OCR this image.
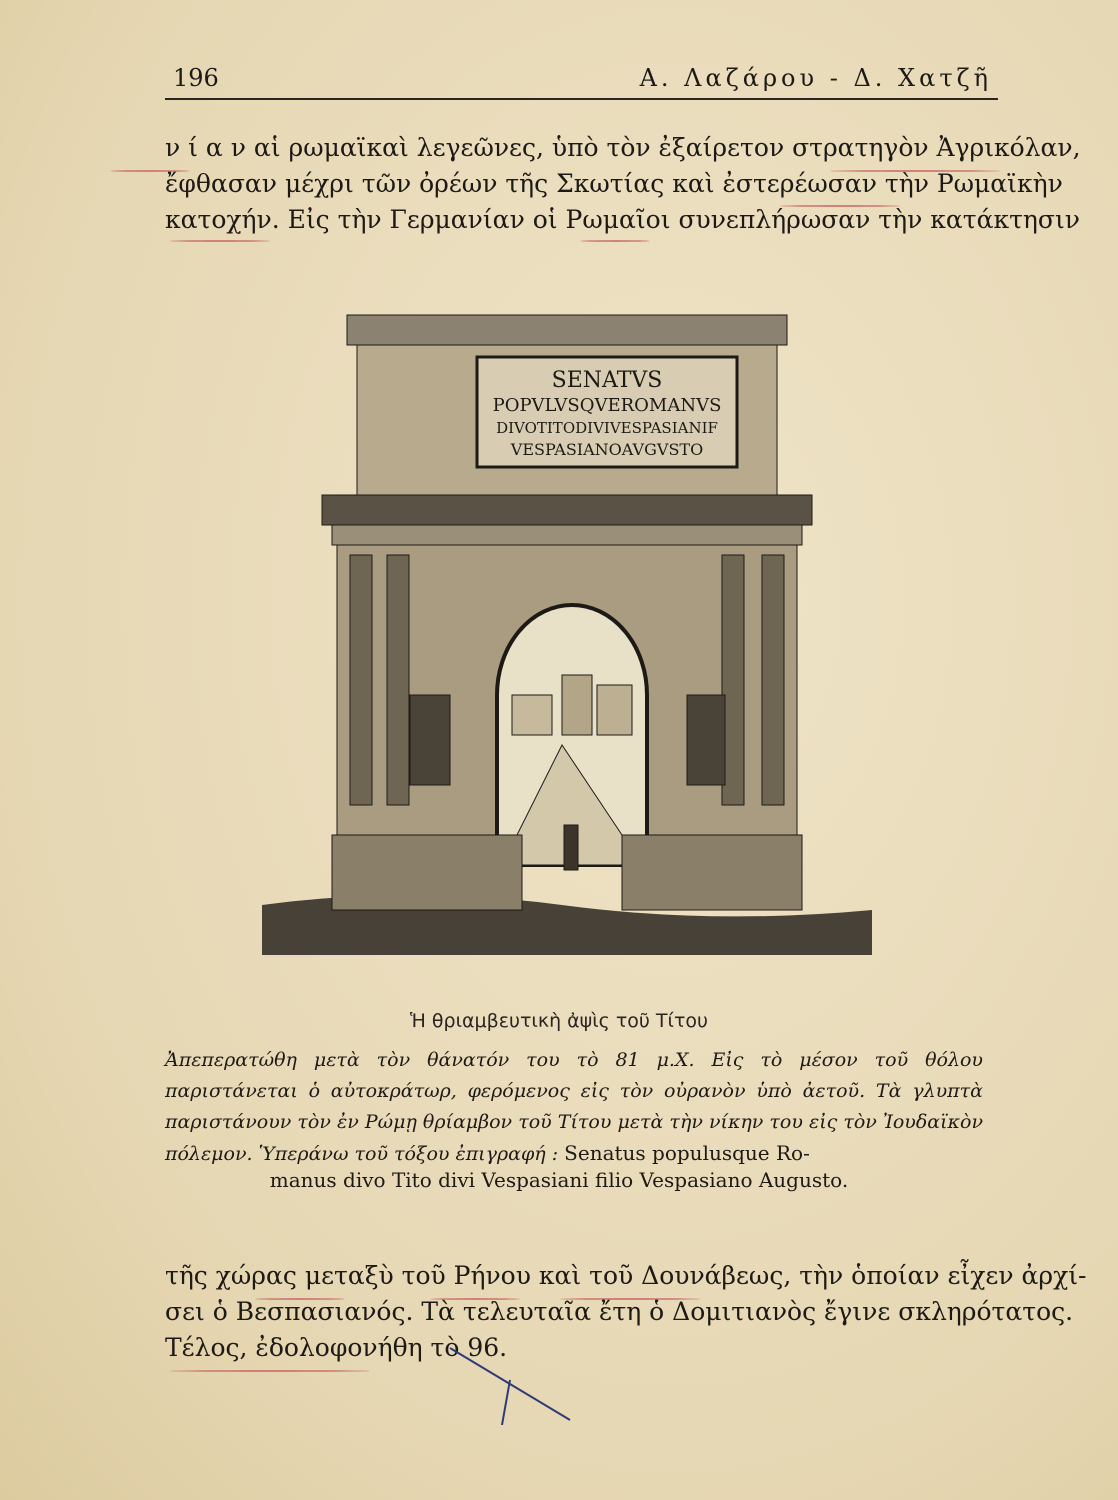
196	Α. Λαζάρου - Δ. Χατζῆ

ν ί α ν αἱ ρωμαϊκαὶ λεγεῶνες, ὑπὸ τὸν ἐξαίρετον στρατηγὸν Ἀγρικόλαν,
ἔφθασαν μέχρι τῶν ὀρέων τῆς Σκωτίας καὶ ἐστερέωσαν τὴν Ρωμαϊκὴν
κατοχήν. Εἰς τὴν Γερμανίαν οἱ Ρωμαῖοι συνεπλήρωσαν τὴν κατάκτησιν

SENATVS
POPVLVSQVEROMANVS
DIVOTITODIVIVESPASIANIF
VESPASIANOAVGVSTO
Ἡ θριαμβευτικὴ ἀψὶς τοῦ Τίτου

Ἀπεπερατώθη μετὰ τὸν θάνατόν του τὸ 81 μ.Χ. Εἰς τὸ μέσον τοῦ θόλου παριστάνεται ὁ αὐτοκράτωρ, φερόμενος εἰς τὸν οὐρανὸν ὑπὸ ἀετοῦ. Τὰ γλυπτὰ παριστάνουν τὸν ἐν Ρώμῃ θρίαμβον τοῦ Τίτου μετὰ τὴν νίκην του εἰς τὸν Ἰουδαϊκὸν πόλεμον. Ὑπεράνω τοῦ τόξου ἐπιγραφή : Senatus populusque Ro-

manus divo Tito divi Vespasiani filio Vespasiano Augusto.

τῆς χώρας μεταξὺ τοῦ Ρήνου καὶ τοῦ Δουνάβεως, τὴν ὁποίαν εἶχεν ἀρχί-
σει ὁ Βεσπασιανός. Τὰ τελευταῖα ἔτη ὁ Δομιτιανὸς ἔγινε σκληρότατος.
Τέλος, ἐδολοφονήθη τὸ 96.
